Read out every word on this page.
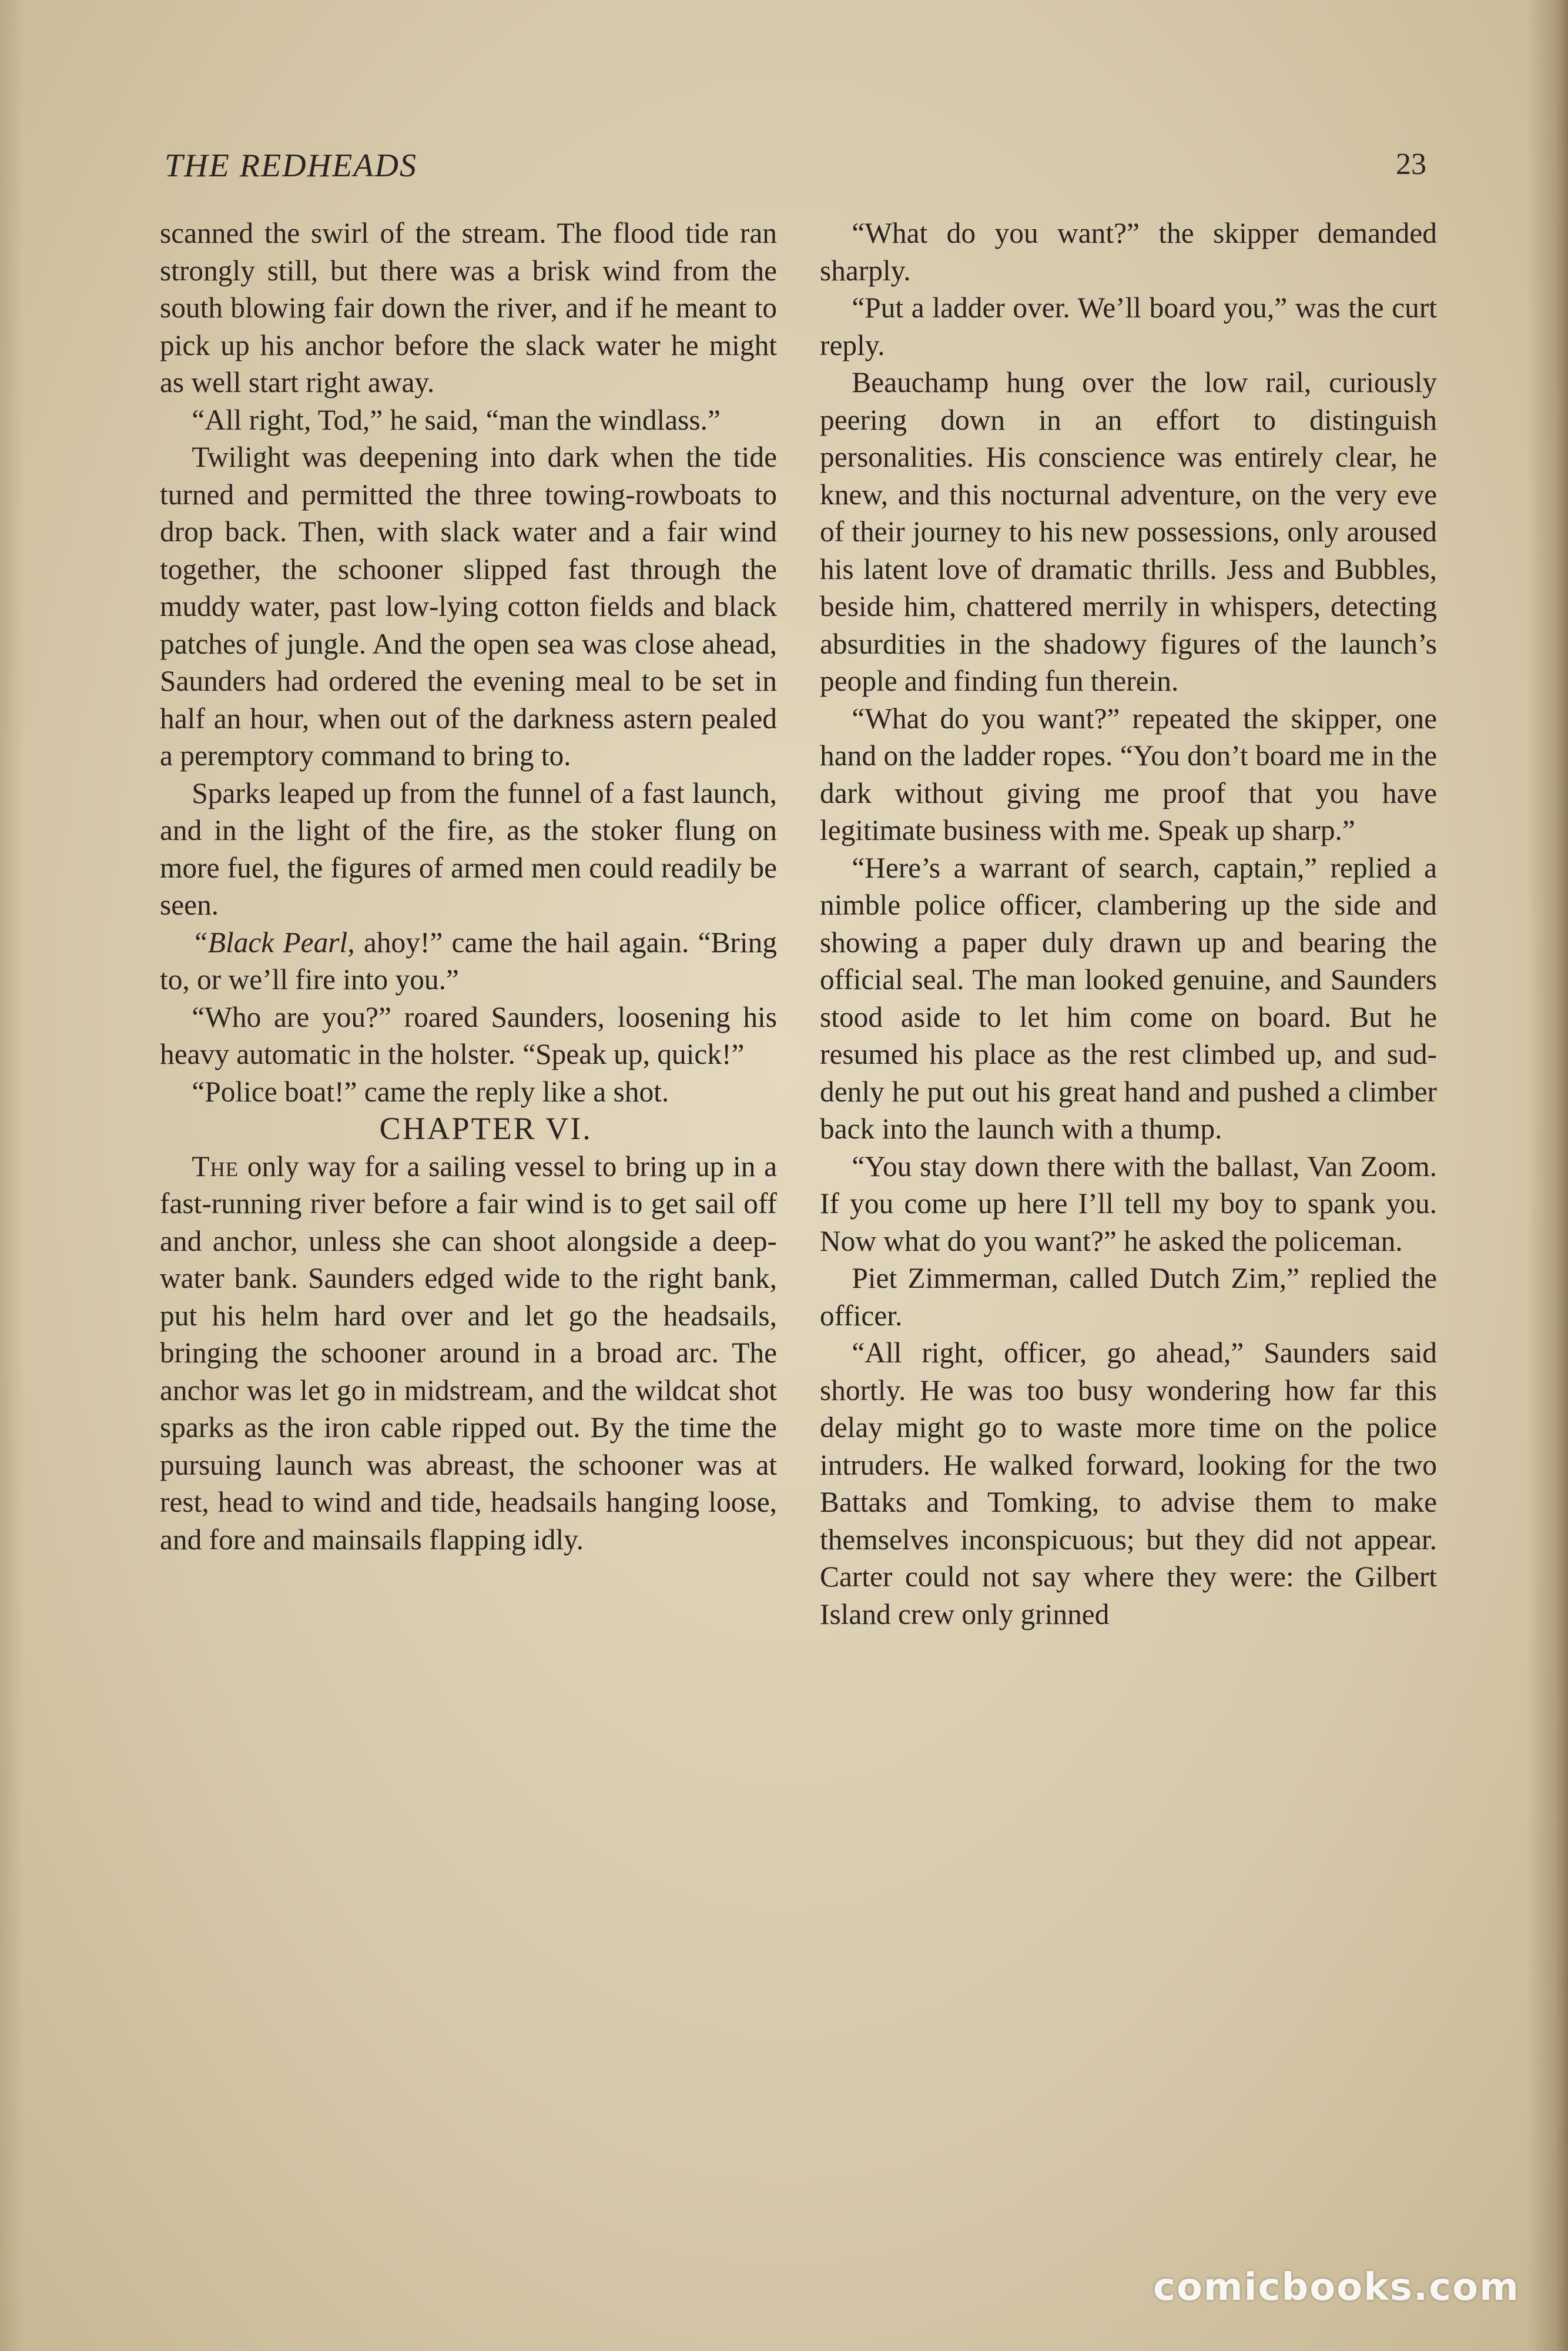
THE REDHEADS	23

scanned the swirl of the stream. The flood tide ran strongly still, but there was a brisk wind from the south blowing fair down the river, and if he meant to pick up his anchor before the slack water he might as well start right away.

“All right, Tod,” he said, “man the windlass.”

Twilight was deepening into dark when the tide turned and permitted the three towing-rowboats to drop back. Then, with slack water and a fair wind together, the schooner slipped fast through the muddy water, past low-lying cotton fields and black patches of jungle. And the open sea was close ahead, Saunders had ordered the evening meal to be set in half an hour, when out of the darkness astern pealed a peremptory command to bring to.

Sparks leaped up from the funnel of a fast launch, and in the light of the fire, as the stoker flung on more fuel, the figures of armed men could readily be seen.

“Black Pearl, ahoy!” came the hail again. “Bring to, or we’ll fire into you.”

“Who are you?” roared Saunders, loosening his heavy automatic in the holster. “Speak up, quick!”

“Police boat!” came the reply like a shot.

CHAPTER VI.

The only way for a sailing vessel to bring up in a fast-running river before a fair wind is to get sail off and anchor, unless she can shoot alongside a deep-water bank. Saunders edged wide to the right bank, put his helm hard over and let go the headsails, bringing the schooner around in a broad arc. The anchor was let go in midstream, and the wildcat shot sparks as the iron cable ripped out. By the time the pursuing launch was abreast, the schooner was at rest, head to wind and tide, headsails hanging loose, and fore and mainsails flapping idly.

“What do you want?” the skipper demanded sharply.

“Put a ladder over. We’ll board you,” was the curt reply.

Beauchamp hung over the low rail, curiously peering down in an effort to distinguish personalities. His conscience was entirely clear, he knew, and this nocturnal adventure, on the very eve of their journey to his new possessions, only aroused his latent love of dramatic thrills. Jess and Bubbles, beside him, chattered merrily in whispers, detecting absurdities in the shadowy figures of the launch’s people and finding fun therein.

“What do you want?” repeated the skipper, one hand on the ladder ropes. “You don’t board me in the dark without giving me proof that you have legitimate business with me. Speak up sharp.”

“Here’s a warrant of search, captain,” replied a nimble police officer, clambering up the side and showing a paper duly drawn up and bearing the official seal. The man looked genuine, and Saunders stood aside to let him come on board. But he resumed his place as the rest climbed up, and suddenly he put out his great hand and pushed a climber back into the launch with a thump.

“You stay down there with the ballast, Van Zoom. If you come up here I’ll tell my boy to spank you. Now what do you want?” he asked the policeman.

Piet Zimmerman, called Dutch Zim,” replied the officer.

“All right, officer, go ahead,” Saunders said shortly. He was too busy wondering how far this delay might go to waste more time on the police intruders. He walked forward, looking for the two Battaks and Tomking, to advise them to make themselves inconspicuous; but they did not appear. Carter could not say where they were: the Gilbert Island crew only grinned

comicbooks.com
